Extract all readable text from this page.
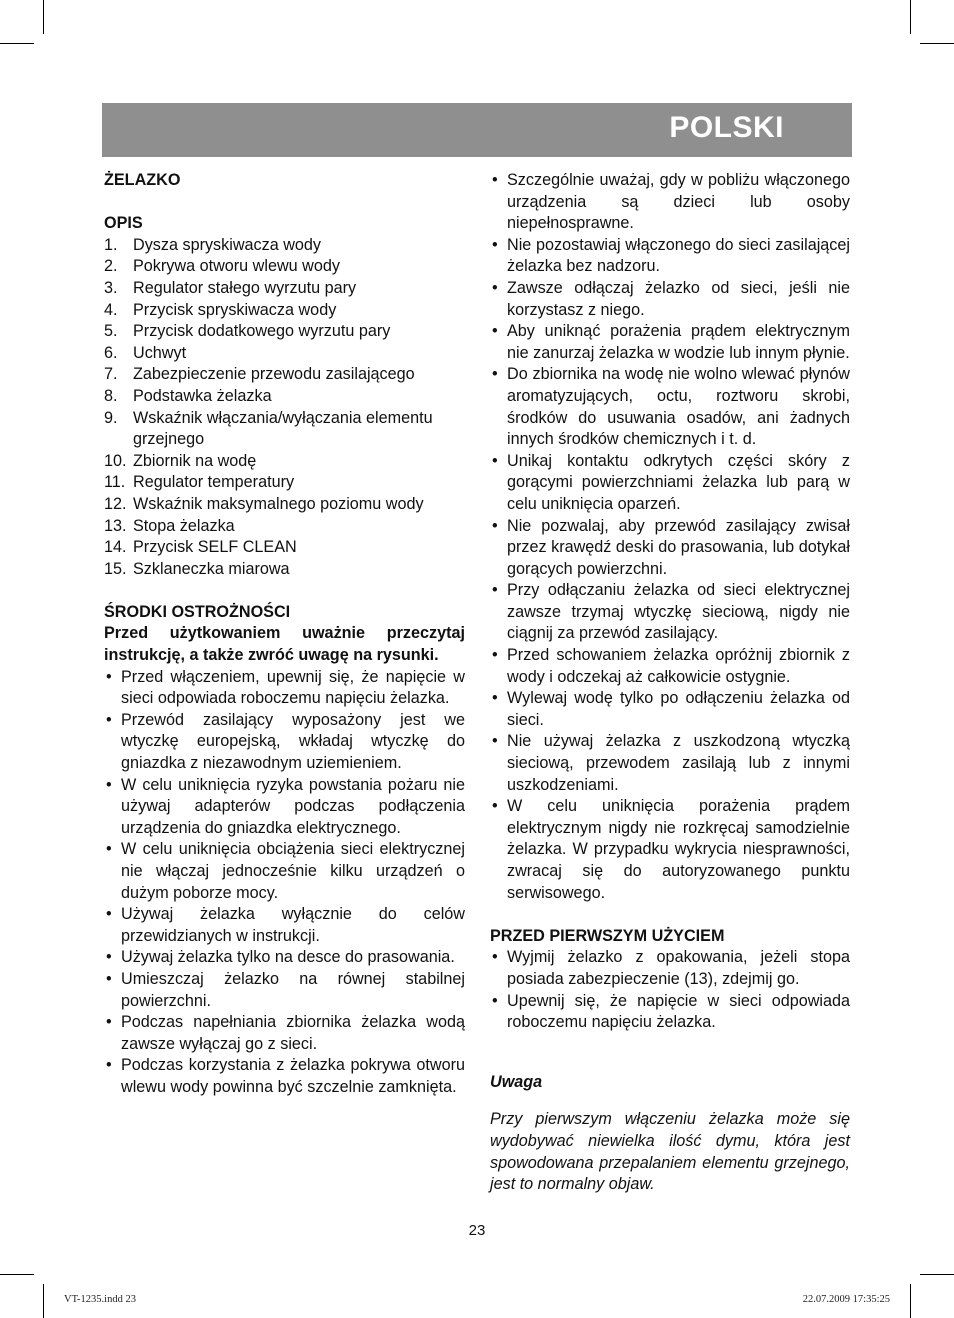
POLSKI

ŻELAZKO

OPIS

1. Dysza spryskiwacza wody
2. Pokrywa otworu wlewu wody
3. Regulator stałego wyrzutu pary
4. Przycisk spryskiwacza wody
5. Przycisk dodatkowego wyrzutu pary
6. Uchwyt
7. Zabezpieczenie przewodu zasilającego
8. Podstawka żelazka
9. Wskaźnik włączania/wyłączania elementu grzejnego
10. Zbiornik na wodę
11. Regulator temperatury
12. Wskaźnik maksymalnego poziomu wody
13. Stopa żelazka
14. Przycisk SELF CLEAN
15. Szklaneczka miarowa

ŚRODKI OSTROŻNOŚCI

Przed użytkowaniem uważnie przeczytaj instrukcję, a także zwróć uwagę na rysunki.

• Przed włączeniem, upewnij się, że napięcie w sieci odpowiada roboczemu napięciu żelazka.
• Przewód zasilający wyposażony jest we wtyczkę europejską, wkładaj wtyczkę do gniazdka z niezawodnym uziemieniem.
• W celu uniknięcia ryzyka powstania pożaru nie używaj adapterów podczas podłączenia urządzenia do gniazdka elektrycznego.
• W celu uniknięcia obciążenia sieci elektrycznej nie włączaj jednocześnie kilku urządzeń o dużym poborze mocy.
• Używaj żelazka wyłącznie do celów przewidzianych w instrukcji.
• Używaj żelazka tylko na desce do prasowania.
• Umieszczaj żelazko na równej stabilnej powierzchni.
• Podczas napełniania zbiornika żelazka wodą zawsze wyłączaj go z sieci.
• Podczas korzystania z żelazka pokrywa otworu wlewu wody powinna być szczelnie zamknięta.
• Szczególnie uważaj, gdy w pobliżu włączonego urządzenia są dzieci lub osoby niepełnosprawne.
• Nie pozostawiaj włączonego do sieci zasilającej żelazka bez nadzoru.
• Zawsze odłączaj żelazko od sieci, jeśli nie korzystasz z niego.
• Aby uniknąć porażenia prądem elektrycznym nie zanurzaj żelazka w wodzie lub innym płynie.
• Do zbiornika na wodę nie wolno wlewać płynów aromatyzujących, octu, roztworu skrobi, środków do usuwania osadów, ani żadnych innych środków chemicznych i t. d.
• Unikaj kontaktu odkrytych części skóry z gorącymi powierzchniami żelazka lub parą w celu uniknięcia oparzeń.
• Nie pozwalaj, aby przewód zasilający zwisał przez krawędź deski do prasowania, lub dotykał gorących powierzchni.
• Przy odłączaniu żelazka od sieci elektrycznej zawsze trzymaj wtyczkę sieciową, nigdy nie ciągnij za przewód zasilający.
• Przed schowaniem żelazka opróżnij zbiornik z wody i odczekaj aż całkowicie ostygnie.
• Wylewaj wodę tylko po odłączeniu żelazka od sieci.
• Nie używaj żelazka z uszkodzoną wtyczką sieciową, przewodem zasilają lub z innymi uszkodzeniami.
• W celu uniknięcia porażenia prądem elektrycznym nigdy nie rozkręcaj samodzielnie żelazka. W przypadku wykrycia niesprawności, zwracaj się do autoryzowanego punktu serwisowego.

PRZED PIERWSZYM UŻYCIEM

• Wyjmij żelazko z opakowania, jeżeli stopa posiada zabezpieczenie (13), zdejmij go.
• Upewnij się, że napięcie w sieci odpowiada roboczemu napięciu żelazka.

Uwaga

Przy pierwszym włączeniu żelazka może się wydobywać niewielka ilość dymu, która jest spowodowana przepalaniem elementu grzejnego, jest to normalny objaw.

23
VT-1235.indd 23	22.07.2009 17:35:25
